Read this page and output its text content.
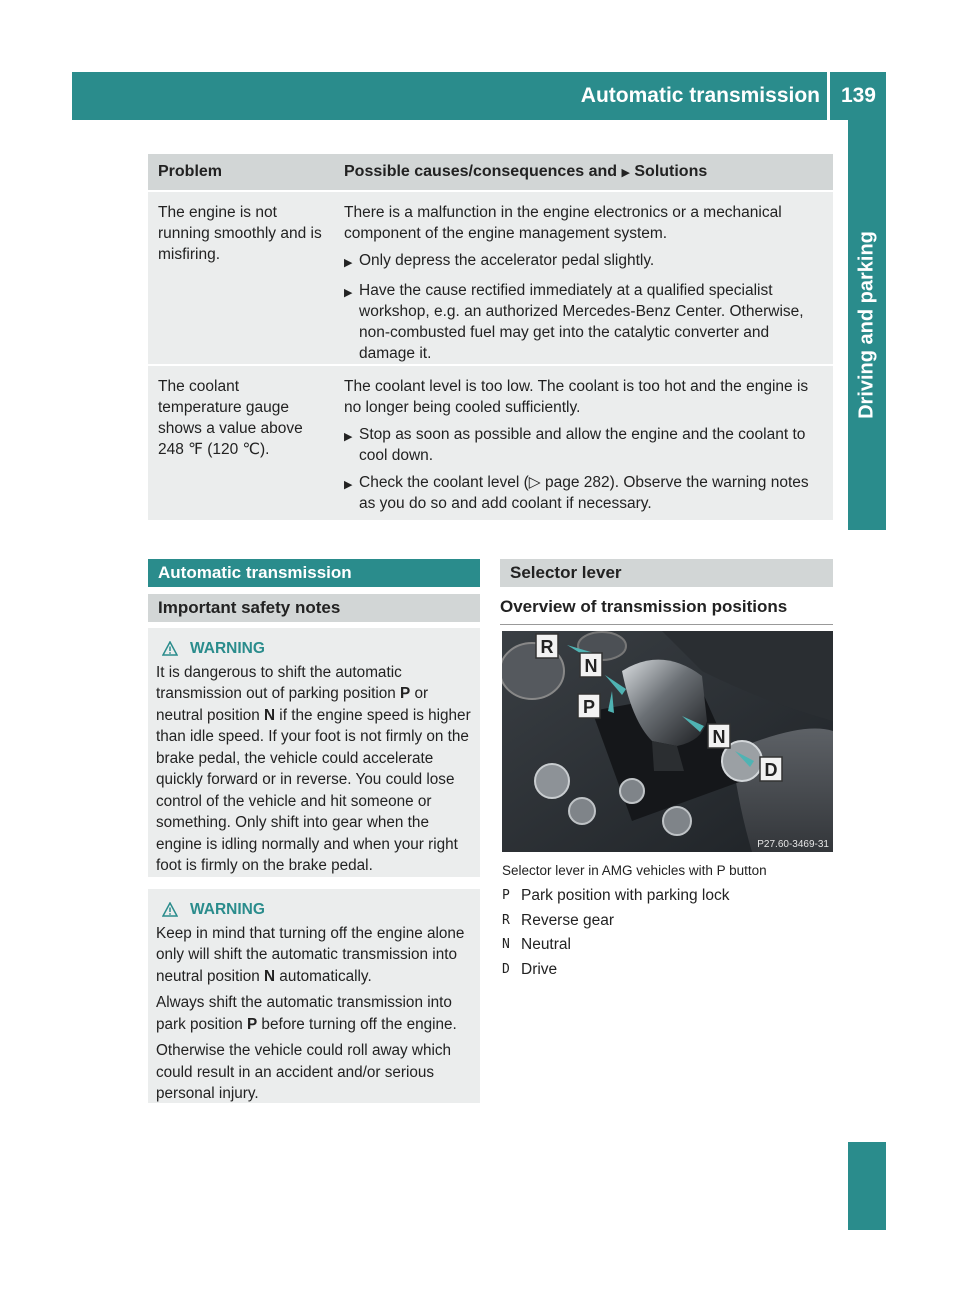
Automatic transmission 139
Driving and parking
Problem	Possible causes/consequences and ▶ Solutions
The engine is not running smoothly and is misfiring.
There is a malfunction in the engine electronics or a mechanical component of the engine management system.
▶ Only depress the accelerator pedal slightly.
▶ Have the cause rectified immediately at a qualified specialist workshop, e.g. an authorized Mercedes-Benz Center. Otherwise, non-combusted fuel may get into the catalytic converter and damage it.
The coolant temperature gauge shows a value above 248 ℉ (120 ℃).
The coolant level is too low. The coolant is too hot and the engine is no longer being cooled sufficiently.
▶ Stop as soon as possible and allow the engine and the coolant to cool down.
▶ Check the coolant level (▷ page 282). Observe the warning notes as you do so and add coolant if necessary.
Automatic transmission
Important safety notes
WARNING

It is dangerous to shift the automatic transmission out of parking position P or neutral position N if the engine speed is higher than idle speed. If your foot is not firmly on the brake pedal, the vehicle could accelerate quickly forward or in reverse. You could lose control of the vehicle and hit someone or something. Only shift into gear when the engine is idling normally and when your right foot is firmly on the brake pedal.

WARNING

Keep in mind that turning off the engine alone only will shift the automatic transmission into neutral position N automatically.

Always shift the automatic transmission into park position P before turning off the engine.

Otherwise the vehicle could roll away which could result in an accident and/or serious personal injury.

Selector lever
Overview of transmission positions
R
N
P
N
D
P27.60-3469-31
Selector lever in AMG vehicles with P button
P Park position with parking lock
R Reverse gear
N Neutral
D Drive
